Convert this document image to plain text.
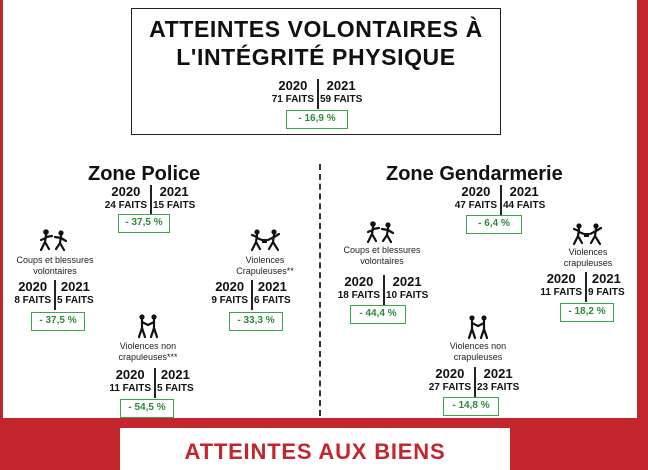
ATTEINTES VOLONTAIRES À
L'INTÉGRITÉ PHYSIQUE
2020
71 FAITS
2021
59 FAITS
- 16,9 %
Zone Police
2020
24 FAITS
2021
15 FAITS
- 37,5 %
Coups et blessures
volontaires
2020
8 FAITS
2021
5 FAITS
- 37,5 %
Violences
Crapuleuses**
2020
9 FAITS
2021
6 FAITS
- 33,3 %
Violences non
crapuleuses***
2020
11 FAITS
2021
5 FAITS
- 54,5 %
Zone Gendarmerie
2020
47 FAITS
2021
44 FAITS
- 6,4 %
Coups et blessures
volontaires
2020
18 FAITS
2021
10 FAITS
- 44,4 %
Violences
crapuleuses
2020
11 FAITS
2021
9 FAITS
- 18,2 %
Violences non
crapuleuses
2020
27 FAITS
2021
23 FAITS
- 14,8 %
ATTEINTES AUX BIENS
